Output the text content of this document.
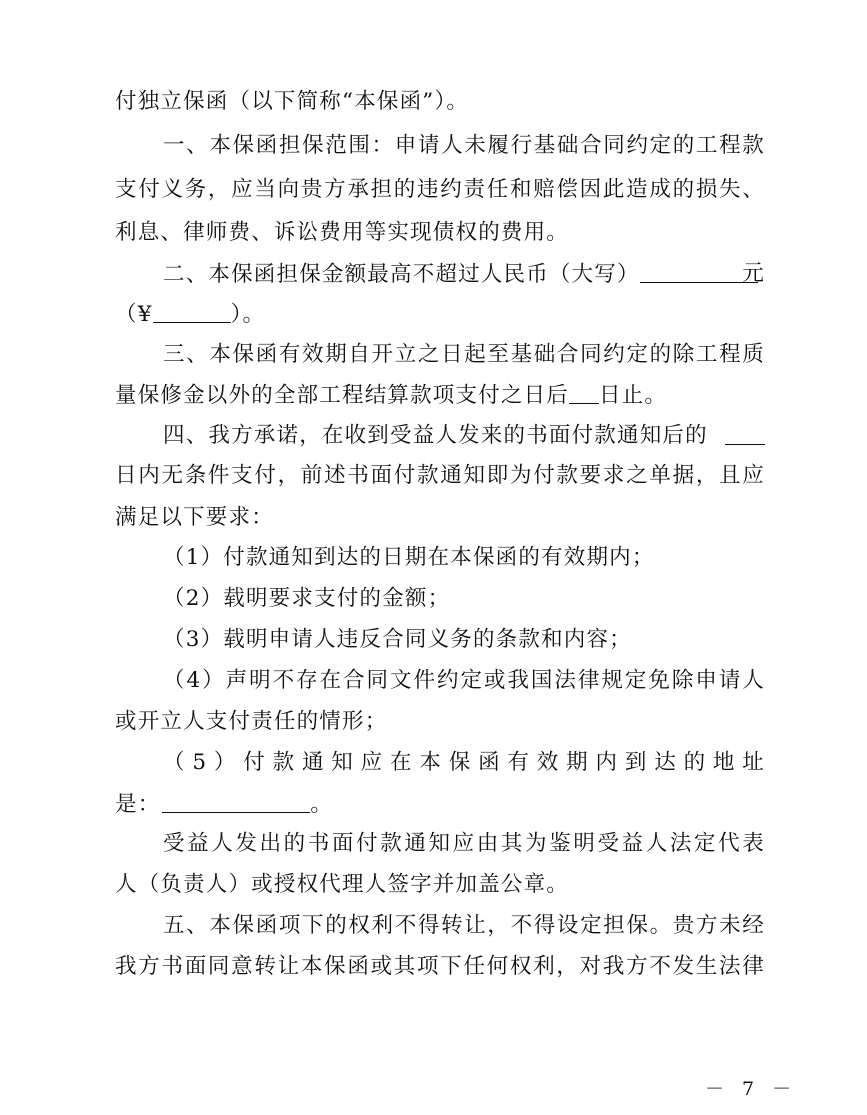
付独立保函（以下简称“本保函”）。
一、本保函担保范围：申请人未履行基础合同约定的工程款
支付义务，应当向贵方承担的违约责任和赔偿因此造成的损失、
利息、律师费、诉讼费用等实现债权的费用。
二、本保函担保金额最高不超过人民币（大写）	元
（¥	）。
三、本保函有效期自开立之日起至基础合同约定的除工程质
量保修金以外的全部工程结算款项支付之日后 日止。
四、我方承诺，在收到受益人发来的书面付款通知后的
日内无条件支付，前述书面付款通知即为付款要求之单据，且应
满足以下要求：
（1）付款通知到达的日期在本保函的有效期内；
（2）载明要求支付的金额；
（3）载明申请人违反合同义务的条款和内容；
（4）声明不存在合同文件约定或我国法律规定免除申请人
或开立人支付责任的情形；
（5）付款通知应在本保函有效期内到达的地址
是：	。
受益人发出的书面付款通知应由其为鉴明受益人法定代表
人（负责人）或授权代理人签字并加盖公章。
五、本保函项下的权利不得转让，不得设定担保。贵方未经
我方书面同意转让本保函或其项下任何权利，对我方不发生法律
－ 7 －
